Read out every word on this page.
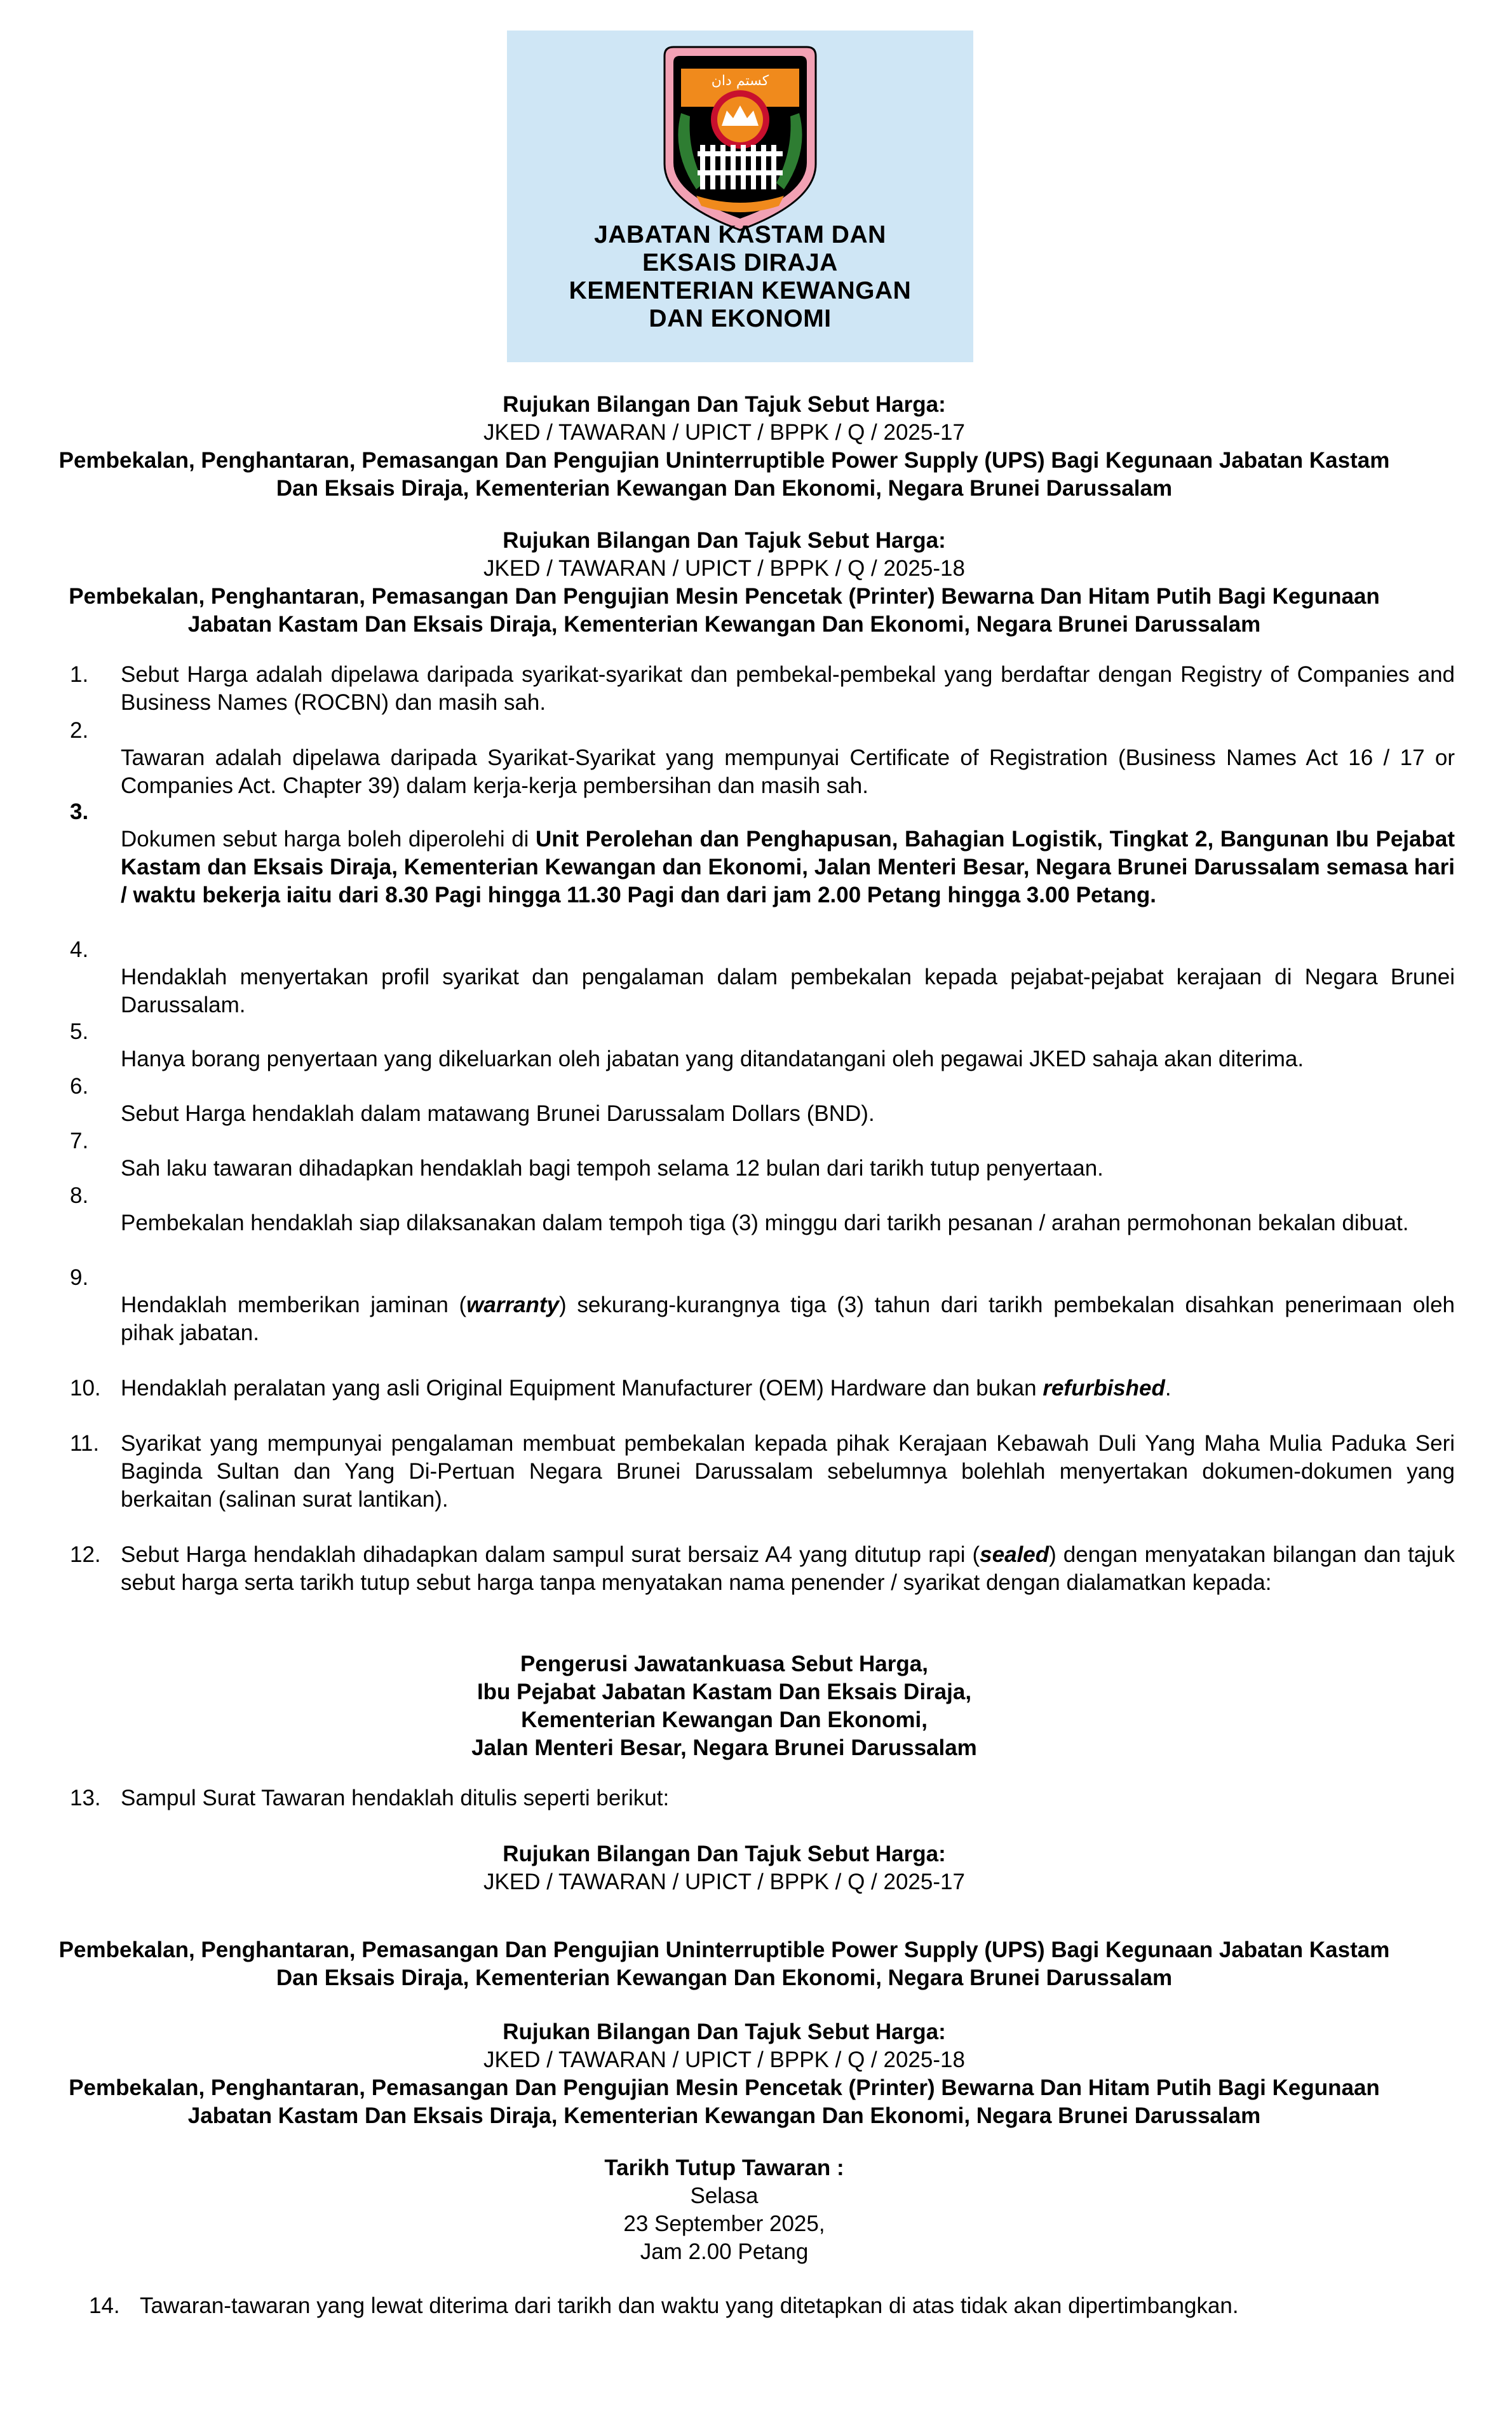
كستم دان
JABATAN KASTAM DAN
EKSAIS DIRAJA
KEMENTERIAN KEWANGAN
DAN EKONOMI
Rujukan Bilangan Dan Tajuk Sebut Harga:
JKED / TAWARAN / UPICT / BPPK / Q / 2025-17
Pembekalan, Penghantaran, Pemasangan Dan Pengujian Uninterruptible Power Supply (UPS) Bagi Kegunaan Jabatan Kastam
Dan Eksais Diraja, Kementerian Kewangan Dan Ekonomi, Negara Brunei Darussalam
Rujukan Bilangan Dan Tajuk Sebut Harga:
JKED / TAWARAN / UPICT / BPPK / Q / 2025-18
Pembekalan, Penghantaran, Pemasangan Dan Pengujian Mesin Pencetak (Printer) Bewarna Dan Hitam Putih Bagi Kegunaan
Jabatan Kastam Dan Eksais Diraja, Kementerian Kewangan Dan Ekonomi, Negara Brunei Darussalam
1.	Sebut Harga adalah dipelawa daripada syarikat-syarikat dan pembekal-pembekal yang berdaftar dengan Registry of Companies and Business Names (ROCBN) dan masih sah.
2.
Tawaran adalah dipelawa daripada Syarikat-Syarikat yang mempunyai Certificate of Registration (Business Names Act 16 / 17 or Companies Act. Chapter 39) dalam kerja-kerja pembersihan dan masih sah.
3.
Dokumen sebut harga boleh diperolehi di Unit Perolehan dan Penghapusan, Bahagian Logistik, Tingkat 2, Bangunan Ibu Pejabat Kastam dan Eksais Diraja, Kementerian Kewangan dan Ekonomi, Jalan Menteri Besar, Negara Brunei Darussalam semasa hari / waktu bekerja iaitu dari 8.30 Pagi hingga 11.30 Pagi dan dari jam 2.00 Petang hingga 3.00 Petang.
4.
Hendaklah menyertakan profil syarikat dan pengalaman dalam pembekalan kepada pejabat-pejabat kerajaan di Negara Brunei Darussalam.
5.
Hanya borang penyertaan yang dikeluarkan oleh jabatan yang ditandatangani oleh pegawai JKED sahaja akan diterima.
6.
Sebut Harga hendaklah dalam matawang Brunei Darussalam Dollars (BND).
7.
Sah laku tawaran dihadapkan hendaklah bagi tempoh selama 12 bulan dari tarikh tutup penyertaan.
8.
Pembekalan hendaklah siap dilaksanakan dalam tempoh tiga (3) minggu dari tarikh pesanan / arahan permohonan bekalan dibuat.
9.
Hendaklah memberikan jaminan (warranty) sekurang-kurangnya tiga (3) tahun dari tarikh pembekalan disahkan penerimaan oleh pihak jabatan.
10. Hendaklah peralatan yang asli Original Equipment Manufacturer (OEM) Hardware dan bukan refurbished.
11. Syarikat yang mempunyai pengalaman membuat pembekalan kepada pihak Kerajaan Kebawah Duli Yang Maha Mulia Paduka Seri Baginda Sultan dan Yang Di-Pertuan Negara Brunei Darussalam sebelumnya bolehlah menyertakan dokumen-dokumen yang berkaitan (salinan surat lantikan).
12. Sebut Harga hendaklah dihadapkan dalam sampul surat bersaiz A4 yang ditutup rapi (sealed) dengan menyatakan bilangan dan tajuk sebut harga serta tarikh tutup sebut harga tanpa menyatakan nama penender / syarikat dengan dialamatkan kepada:
Pengerusi Jawatankuasa Sebut Harga,
Ibu Pejabat Jabatan Kastam Dan Eksais Diraja,
Kementerian Kewangan Dan Ekonomi,
Jalan Menteri Besar, Negara Brunei Darussalam
13. Sampul Surat Tawaran hendaklah ditulis seperti berikut:
Rujukan Bilangan Dan Tajuk Sebut Harga:
JKED / TAWARAN / UPICT / BPPK / Q / 2025-17
Pembekalan, Penghantaran, Pemasangan Dan Pengujian Uninterruptible Power Supply (UPS) Bagi Kegunaan Jabatan Kastam
Dan Eksais Diraja, Kementerian Kewangan Dan Ekonomi, Negara Brunei Darussalam
Rujukan Bilangan Dan Tajuk Sebut Harga:
JKED / TAWARAN / UPICT / BPPK / Q / 2025-18
Pembekalan, Penghantaran, Pemasangan Dan Pengujian Mesin Pencetak (Printer) Bewarna Dan Hitam Putih Bagi Kegunaan
Jabatan Kastam Dan Eksais Diraja, Kementerian Kewangan Dan Ekonomi, Negara Brunei Darussalam
Tarikh Tutup Tawaran :
Selasa
23 September 2025,
Jam 2.00 Petang
14. Tawaran-tawaran yang lewat diterima dari tarikh dan waktu yang ditetapkan di atas tidak akan dipertimbangkan.
